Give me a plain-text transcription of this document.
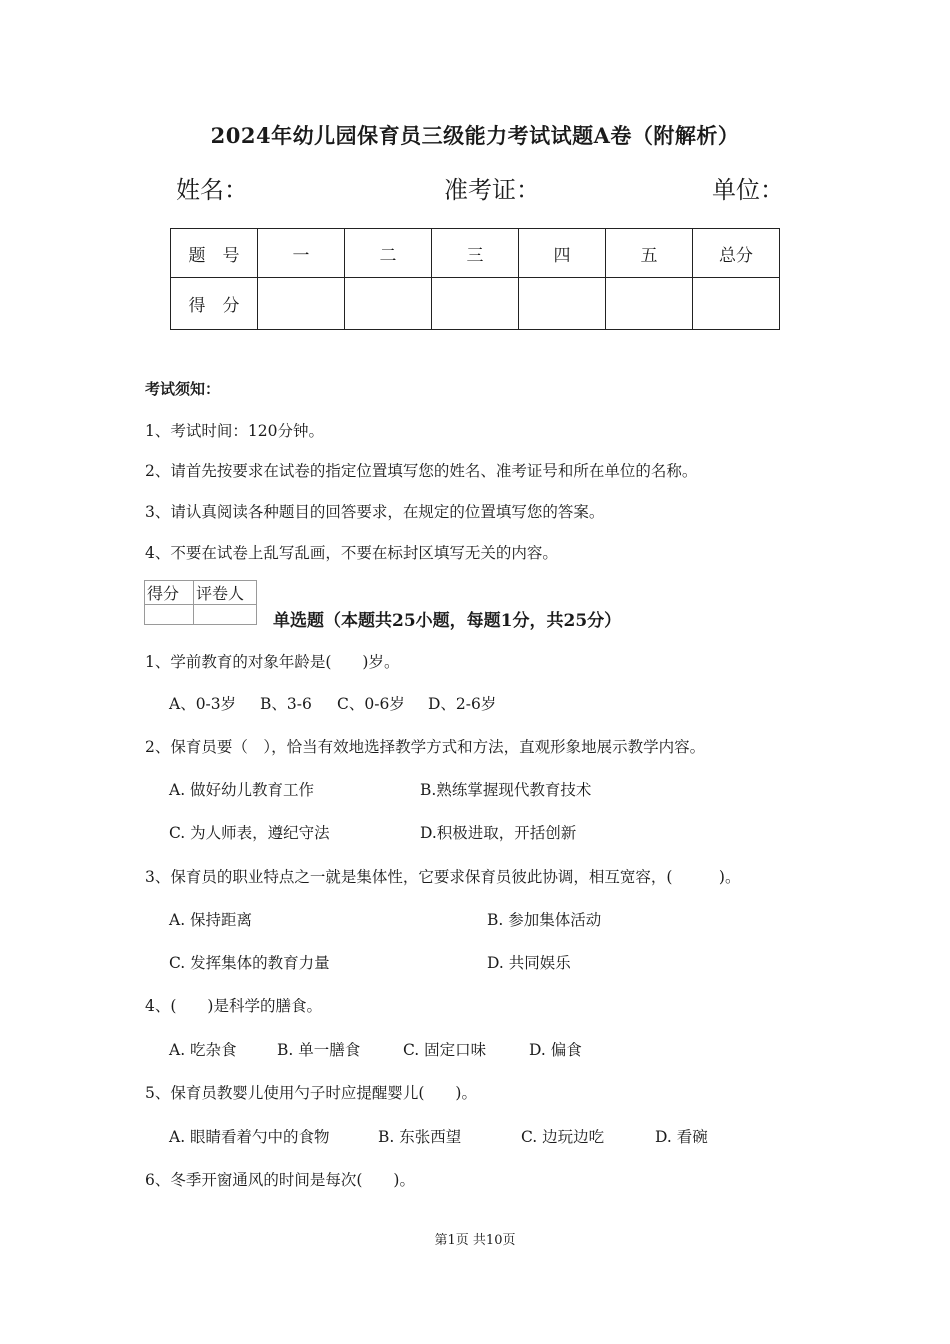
2024年幼儿园保育员三级能力考试试题A卷（附解析）
姓名：	准考证：	单位：
题　号	一	二	三	四	五	总分
得　分						
考试须知：
1、考试时间：120分钟。
2、请首先按要求在试卷的指定位置填写您的姓名、准考证号和所在单位的名称。
3、请认真阅读各种题目的回答要求，在规定的位置填写您的答案。
4、不要在试卷上乱写乱画，不要在标封区填写无关的内容。
得分	评卷人

单选题（本题共25小题，每题1分，共25分）
1、学前教育的对象年龄是(　　)岁。
A、0-3岁 B、3-6 C、0-6岁 D、2-6岁
2、保育员要（　），恰当有效地选择教学方式和方法，直观形象地展示教学内容。
A. 做好幼儿教育工作	B.熟练掌握现代教育技术
C. 为人师表，遵纪守法	D.积极进取，开括创新
3、保育员的职业特点之一就是集体性，它要求保育员彼此协调，相互宽容，(　　　)。
A. 保持距离	B. 参加集体活动
C. 发挥集体的教育力量	D. 共同娱乐
4、(　　)是科学的膳食。
A. 吃杂食	B. 单一膳食	C. 固定口味	D. 偏食
5、保育员教婴儿使用勺子时应提醒婴儿(　　)。
A. 眼睛看着勺中的食物	B. 东张西望	C. 边玩边吃	D. 看碗
6、冬季开窗通风的时间是每次(　　)。
第1页 共10页
